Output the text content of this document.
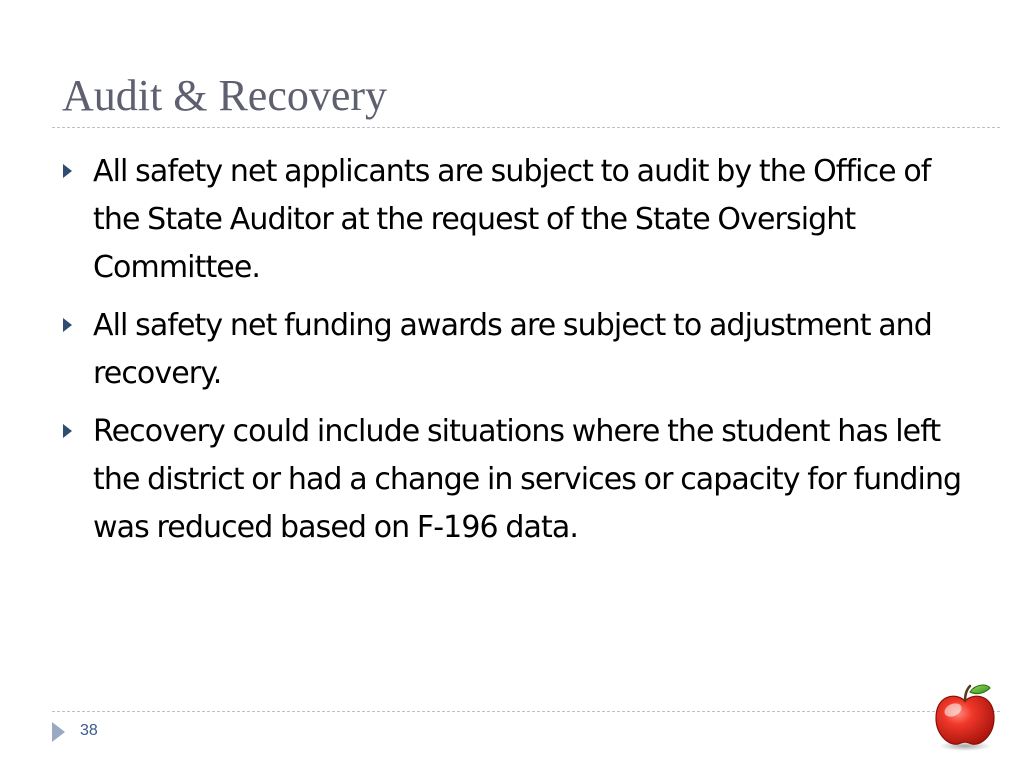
Audit & Recovery
All safety net applicants are subject to audit by the Office of the State Auditor at the request of the State Oversight Committee.
All safety net funding awards are subject to adjustment and recovery.
Recovery could include situations where the student has left the district or had a change in services or capacity for funding was reduced based on F-196 data.
38
